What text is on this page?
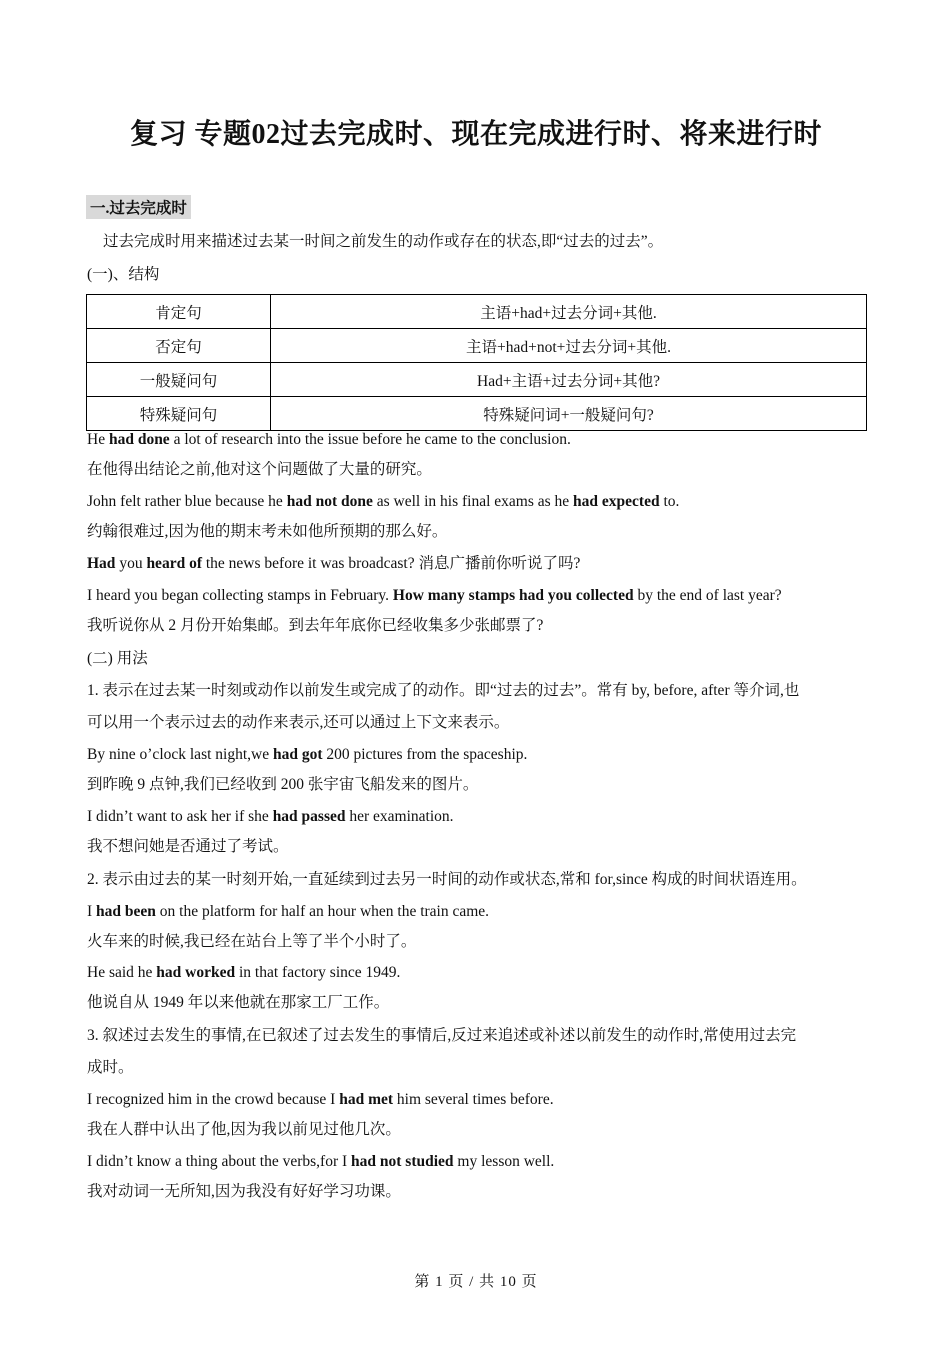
复习 专题02过去完成时、现在完成进行时、将来进行时
一.过去完成时
过去完成时用来描述过去某一时间之前发生的动作或存在的状态,即“过去的过去”。
(一)、结构
肯定句	主语+had+过去分词+其他.
否定句	主语+had+not+过去分词+其他.
一般疑问句	Had+主语+过去分词+其他?
特殊疑问句	特殊疑问词+一般疑问句?
He had done a lot of research into the issue before he came to the conclusion.
在他得出结论之前,他对这个问题做了大量的研究。
John felt rather blue because he had not done as well in his final exams as he had expected to.
约翰很难过,因为他的期末考未如他所预期的那么好。
Had you heard of the news before it was broadcast? 消息广播前你听说了吗?
I heard you began collecting stamps in February. How many stamps had you collected by the end of last year?
我听说你从 2 月份开始集邮。到去年年底你已经收集多少张邮票了?
(二) 用法
1. 表示在过去某一时刻或动作以前发生或完成了的动作。即“过去的过去”。常有 by, before, after 等介词,也
可以用一个表示过去的动作来表示,还可以通过上下文来表示。
By nine o’clock last night,we had got 200 pictures from the spaceship.
到昨晚 9 点钟,我们已经收到 200 张宇宙飞船发来的图片。
I didn’t want to ask her if she had passed her examination.
我不想问她是否通过了考试。
2. 表示由过去的某一时刻开始,一直延续到过去另一时间的动作或状态,常和 for,since 构成的时间状语连用。
I had been on the platform for half an hour when the train came.
火车来的时候,我已经在站台上等了半个小时了。
He said he had worked in that factory since 1949.
他说自从 1949 年以来他就在那家工厂工作。
3. 叙述过去发生的事情,在已叙述了过去发生的事情后,反过来追述或补述以前发生的动作时,常使用过去完
成时。
I recognized him in the crowd because I had met him several times before.
我在人群中认出了他,因为我以前见过他几次。
I didn’t know a thing about the verbs,for I had not studied my lesson well.
我对动词一无所知,因为我没有好好学习功课。
第 1 页 / 共 10 页
